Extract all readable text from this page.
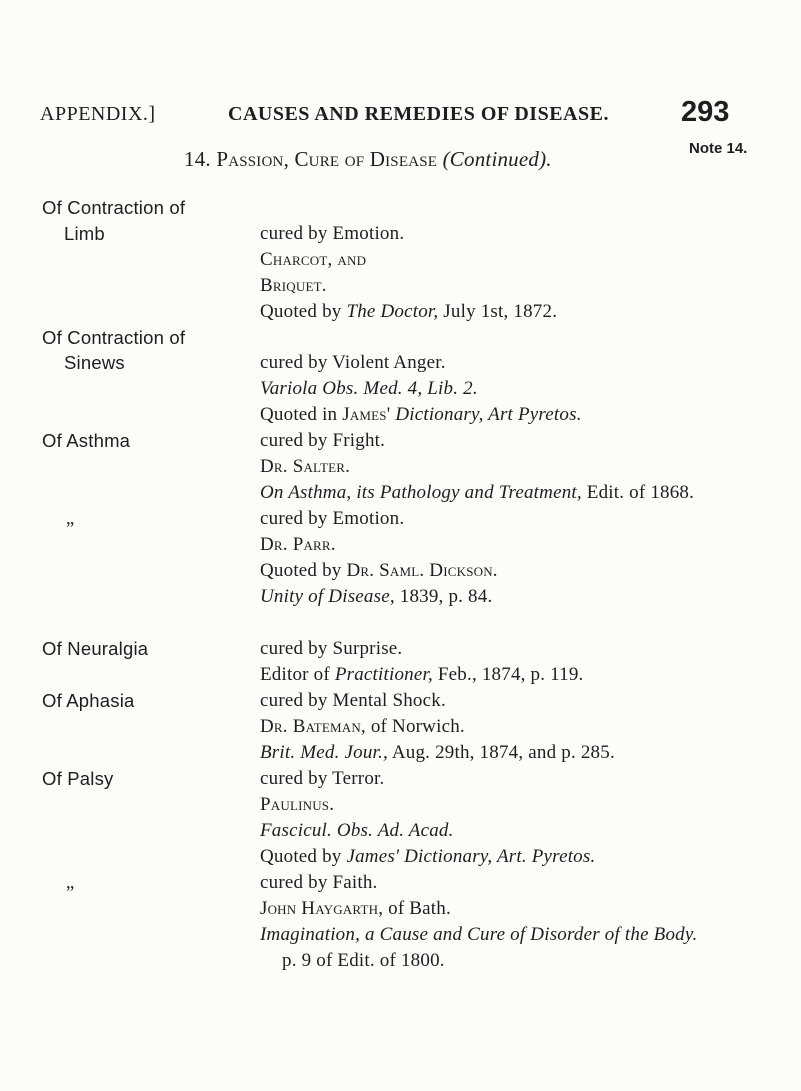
APPENDIX.]	CAUSES AND REMEDIES OF DISEASE. 293
Note 14.
14. Passion, Cure of Disease (Continued).
Of Contraction of
Limb	cured by Emotion.
Charcot, and
Briquet.
Quoted by The Doctor, July 1st, 1872.
Of Contraction of
Sinews	cured by Violent Anger.
Variola Obs. Med. 4, Lib. 2.
Quoted in James' Dictionary, Art Pyretos.
Of Asthma	cured by Fright.
Dr. Salter.
On Asthma, its Pathology and Treatment, Edit. of 1868.
„	cured by Emotion.
Dr. Parr.
Quoted by Dr. Saml. Dickson.
Unity of Disease, 1839, p. 84.
Of Neuralgia	cured by Surprise.
Editor of Practitioner, Feb., 1874, p. 119.
Of Aphasia	cured by Mental Shock.
Dr. Bateman, of Norwich.
Brit. Med. Jour., Aug. 29th, 1874, and p. 285.
Of Palsy	cured by Terror.
Paulinus.
Fascicul. Obs. Ad. Acad.
Quoted by James' Dictionary, Art. Pyretos.
„	cured by Faith.
John Haygarth, of Bath.
Imagination, a Cause and Cure of Disorder of the Body.
p. 9 of Edit. of 1800.
